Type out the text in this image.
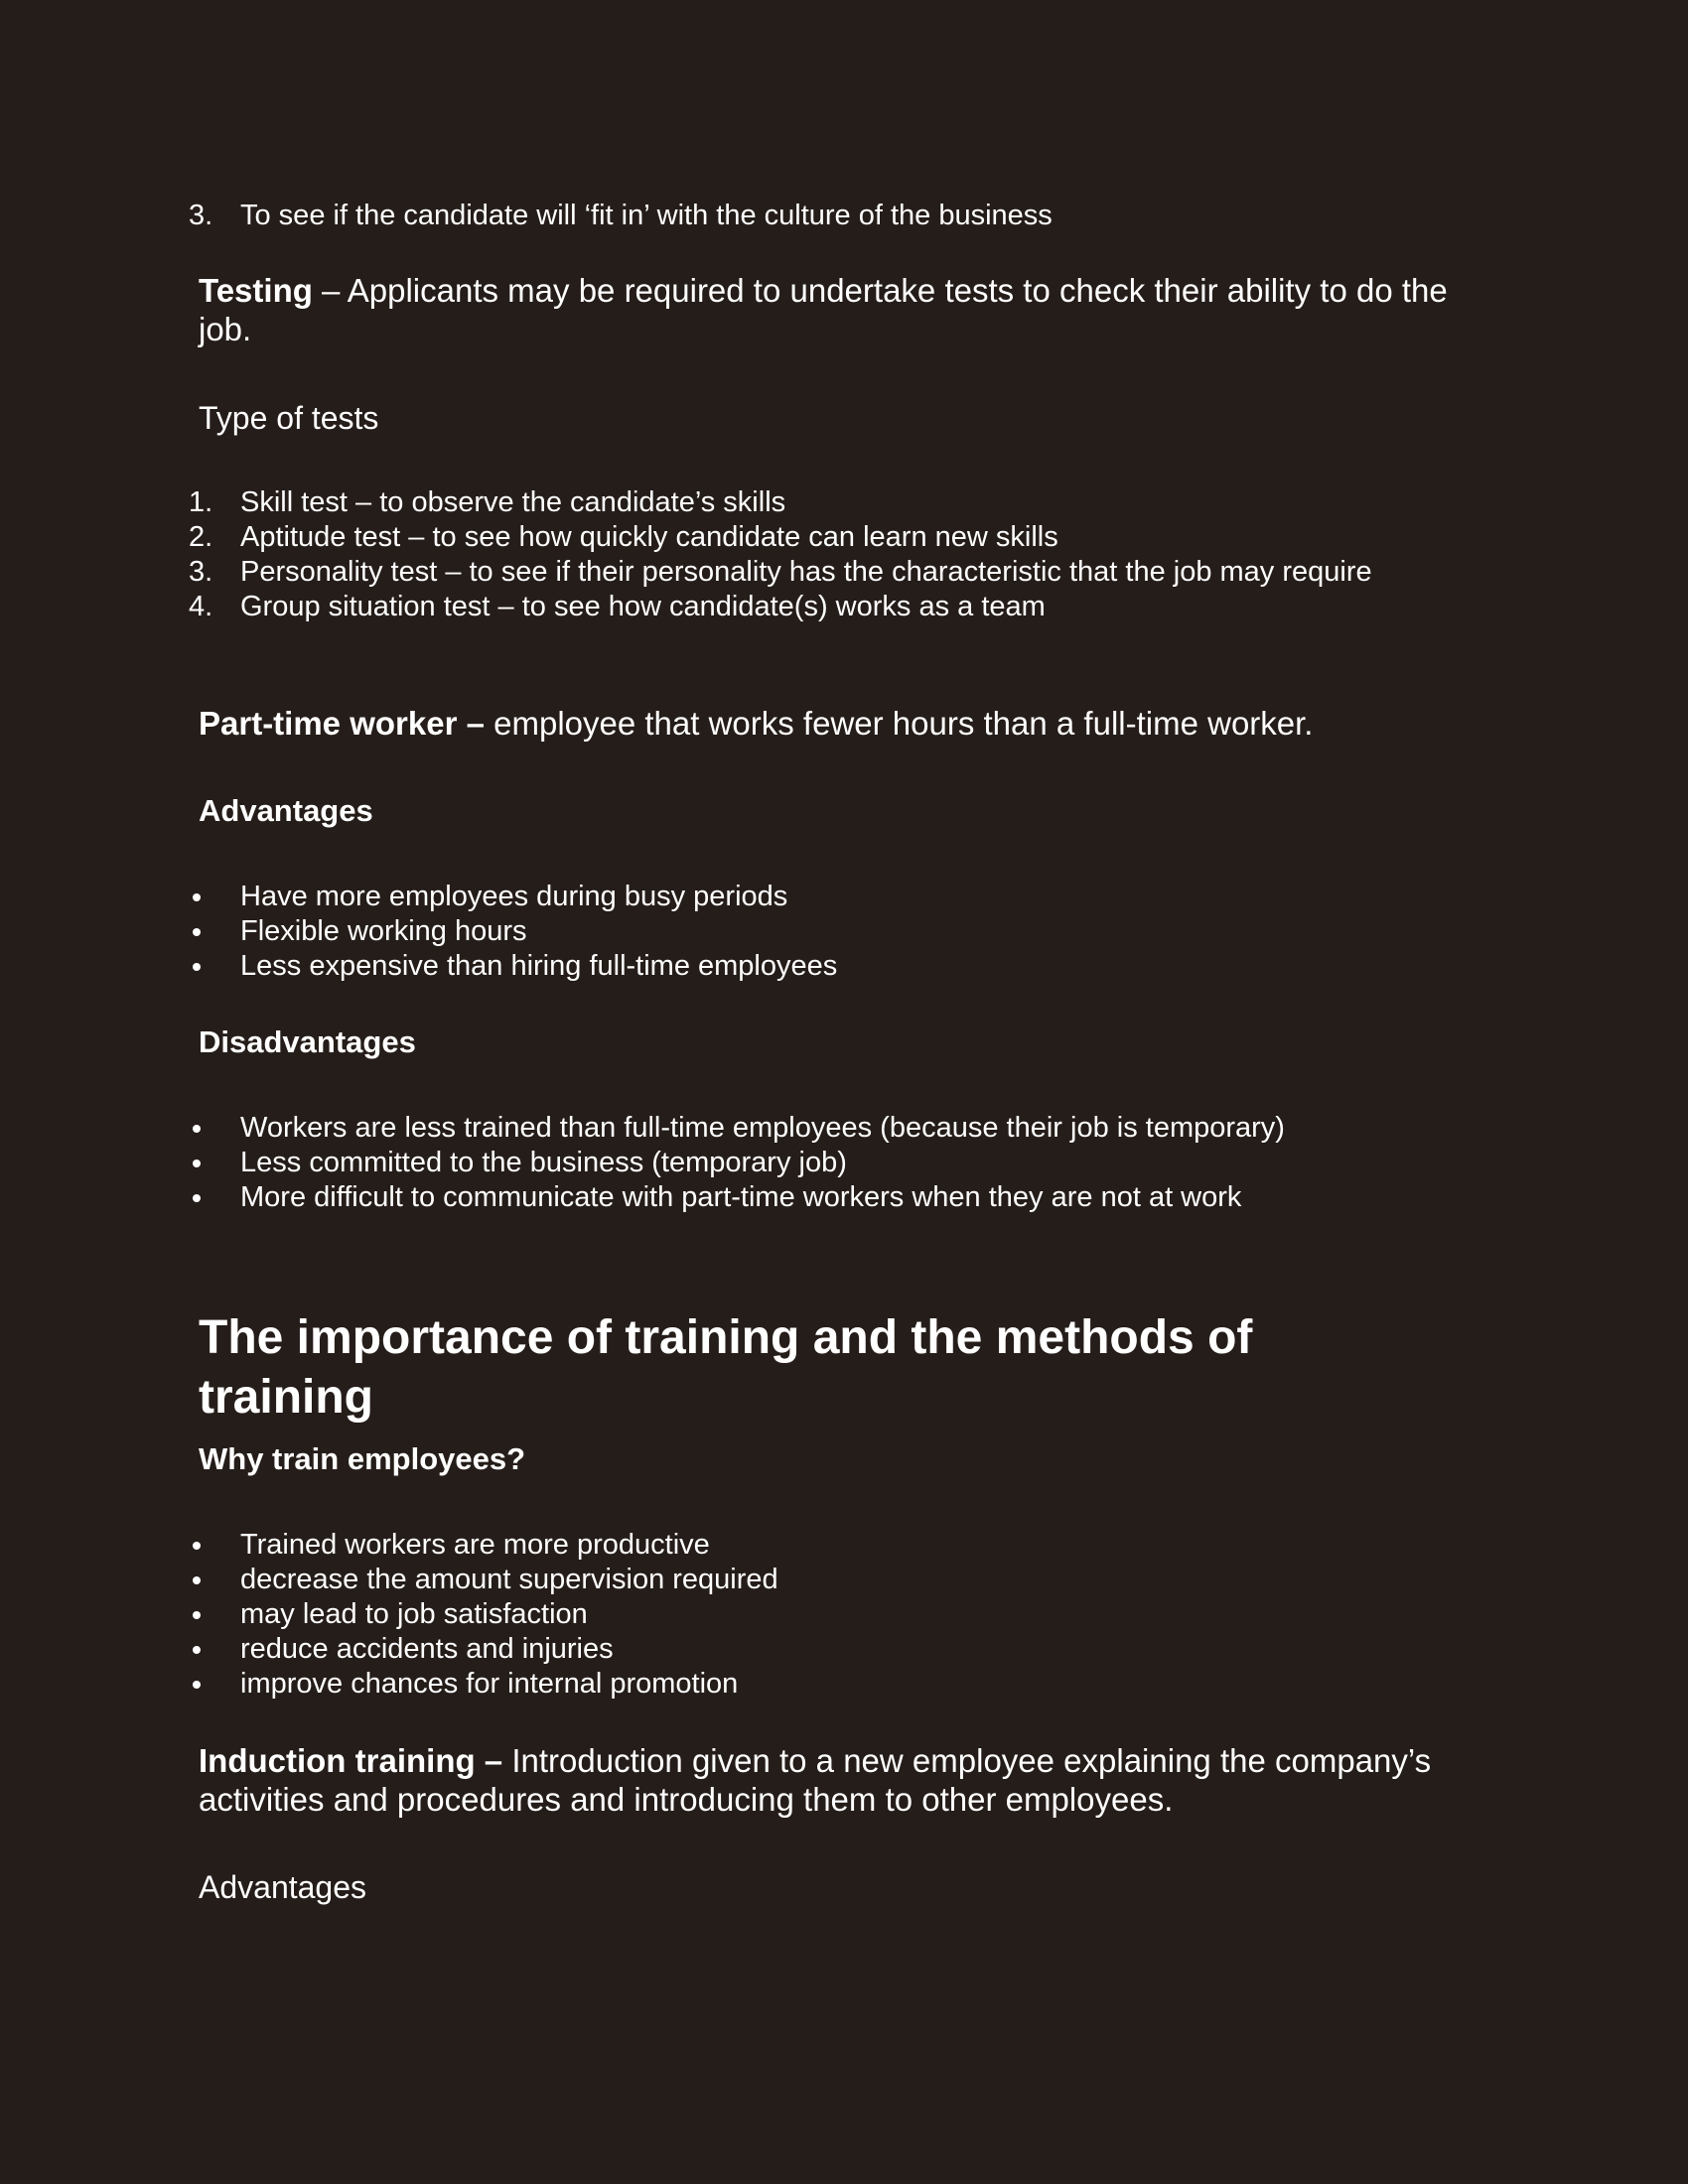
3. To see if the candidate will ‘fit in’ with the culture of the business
Testing – Applicants may be required to undertake tests to check their ability to do the job.
Type of tests
1. Skill test – to observe the candidate’s skills
2. Aptitude test – to see how quickly candidate can learn new skills
3. Personality test – to see if their personality has the characteristic that the job may require
4. Group situation test – to see how candidate(s) works as a team
Part-time worker – employee that works fewer hours than a full-time worker.
Advantages
Have more employees during busy periods
Flexible working hours
Less expensive than hiring full-time employees
Disadvantages
Workers are less trained than full-time employees (because their job is temporary)
Less committed to the business (temporary job)
More difficult to communicate with part-time workers when they are not at work
The importance of training and the methods of training
Why train employees?
Trained workers are more productive
decrease the amount supervision required
may lead to job satisfaction
reduce accidents and injuries
improve chances for internal promotion
Induction training – Introduction given to a new employee explaining the company’s activities and procedures and introducing them to other employees.
Advantages
